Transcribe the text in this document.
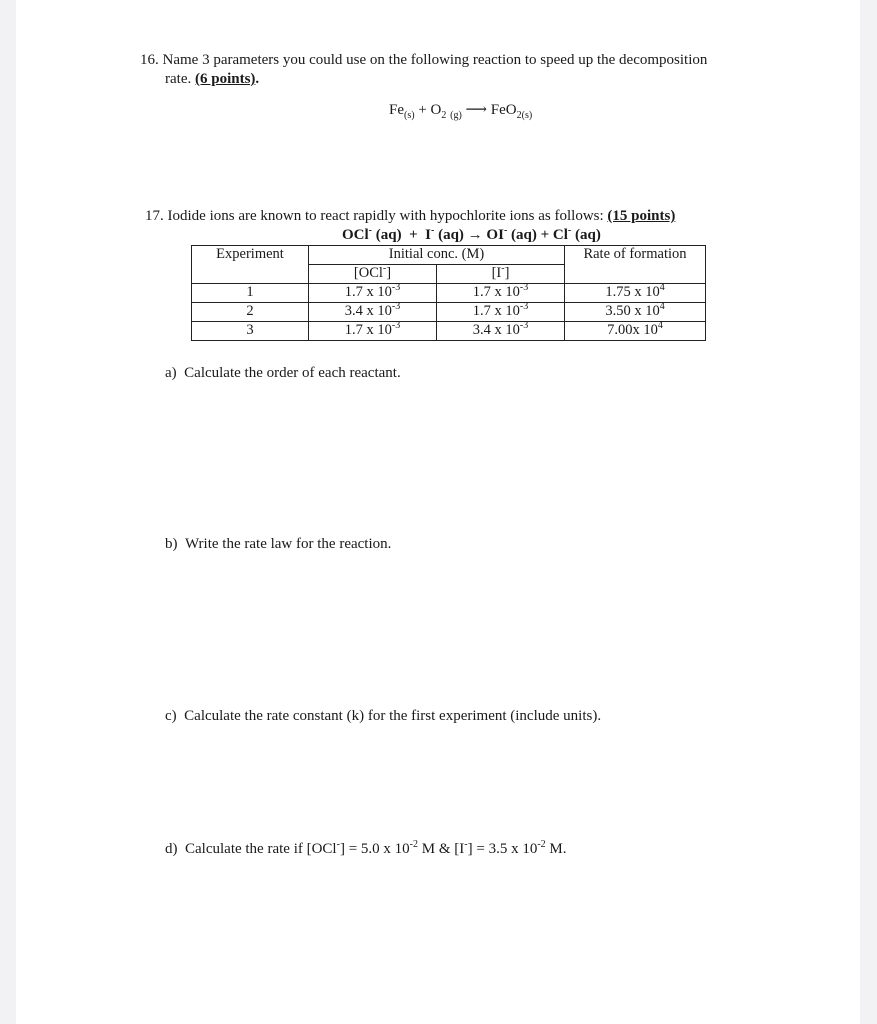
16. Name 3 parameters you could use on the following reaction to speed up the decomposition
rate. (6 points).
$Fe_{(s)} + O_2$ $_{(g)}$ ⟶ FeO$_{2(s)}$
17. Iodide ions are known to react rapidly with hypochlorite ions as follows: (15 points)
OCl- (aq)  +  I- (aq) → OI- (aq) + Cl- (aq)
Experiment	Initial conc. (M)		Rate of formation
	[OCl-]	[I-]	
1	1.7 x $10^{-3}$	1.7 x $10^{-3}$	1.75 x $10^4$
2	3.4 x $10^{-3}$	1.7 x $10^{-3}$	3.50 x $10^4$
3	1.7 x $10^{-3}$	3.4 x $10^{-3}$	7.00x $10^4$
a) Calculate the order of each reactant.
b) Write the rate law for the reaction.
c) Calculate the rate constant (k) for the first experiment (include units).
d) Calculate the rate if [OCl-] = 5.0 x $10^{-2}$ M & [I-] = 3.5 x $10^{-2}$ M.
